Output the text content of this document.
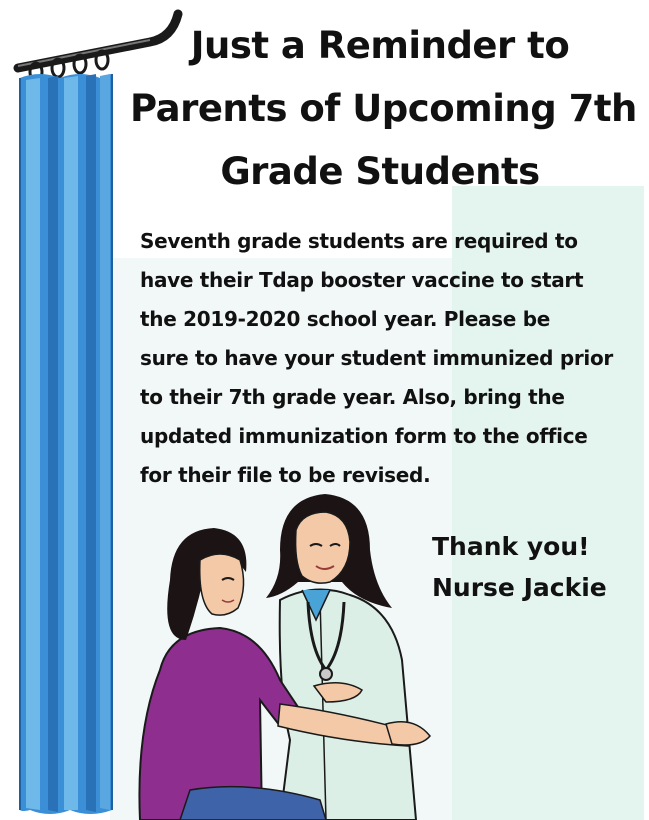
Just a Reminder to
Parents of Upcoming 7th
Grade Students
Seventh grade students are required to
have their Tdap booster vaccine to start
the 2019-2020 school year. Please be
sure to have your student immunized prior
to their 7th grade year. Also, bring the
updated immunization form to the office
for their file to be revised.
Thank you!
Nurse Jackie
